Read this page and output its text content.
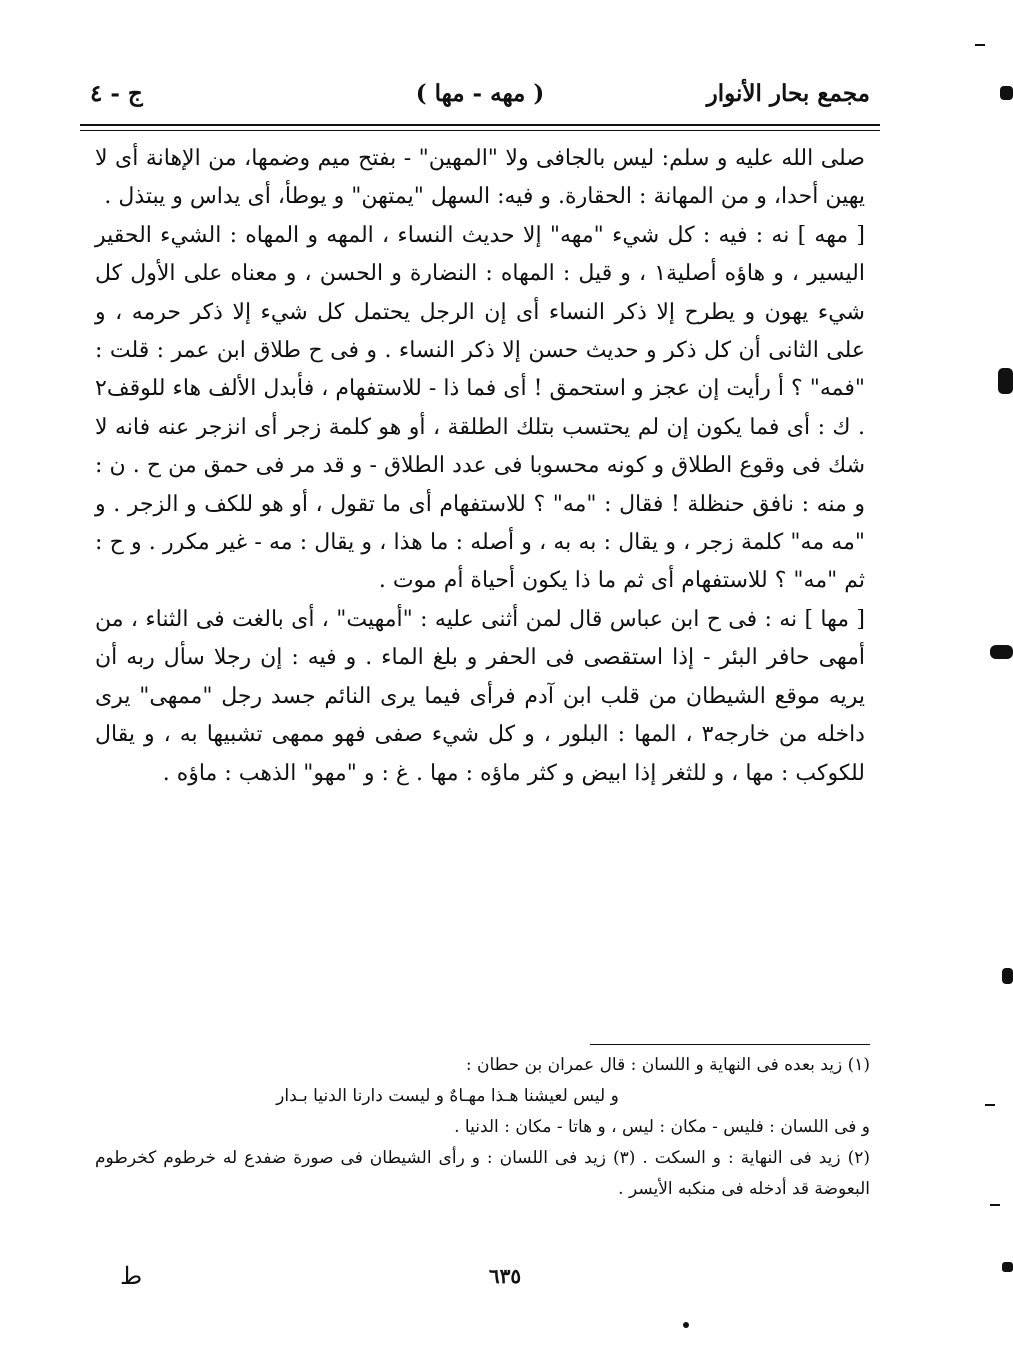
مجمع بحار الأنوار
( مهه - مها )
ج - ٤

صلى الله عليه و سلم: ليس بالجافى ولا "المهين" - بفتح ميم وضمها، من الإهانة أى لا يهين أحدا، و من المهانة : الحقارة. و فيه: السهل "يمتهن" و يوطأ، أى يداس و يبتذل .

[ مهه ] نه : فيه : كل شيء "مهه" إلا حديث النساء ، المهه و المهاه : الشيء الحقير اليسير ، و هاؤه أصلية١ ، و قيل : المهاه : النضارة و الحسن ، و معناه على الأول كل شيء يهون و يطرح إلا ذكر النساء أى إن الرجل يحتمل كل شيء إلا ذكر حرمه ، و على الثانى أن كل ذكر و حديث حسن إلا ذكر النساء . و فى ح طلاق ابن عمر : قلت : "فمه" ؟ أ رأيت إن عجز و استحمق ! أى فما ذا - للاستفهام ، فأبدل الألف هاء للوقف٢ . ك : أى فما يكون إن لم يحتسب بتلك الطلقة ، أو هو كلمة زجر أى انزجر عنه فانه لا شك فى وقوع الطلاق و كونه محسوبا فى عدد الطلاق - و قد مر فى حمق من ح . ن : و منه : نافق حنظلة ! فقال : "مه" ؟ للاستفهام أى ما تقول ، أو هو للكف و الزجر . و "مه مه" كلمة زجر ، و يقال : به به ، و أصله : ما هذا ، و يقال : مه - غير مكرر . و ح : ثم "مه" ؟ للاستفهام أى ثم ما ذا يكون أحياة أم موت .

[ مها ] نه : فى ح ابن عباس قال لمن أثنى عليه : "أمهيت" ، أى بالغت فى الثناء ، من أمهى حافر البئر - إذا استقصى فى الحفر و بلغ الماء . و فيه : إن رجلا سأل ربه أن يريه موقع الشيطان من قلب ابن آدم فرأى فيما يرى النائم جسد رجل "ممهى" يرى داخله من خارجه٣ ، المها : البلور ، و كل شيء صفى فهو ممهى تشبيها به ، و يقال للكوكب : مها ، و للثغر إذا ابيض و كثر ماؤه : مها . غ : و "مهو" الذهب : ماؤه .

(١) زيد بعده فى النهاية و اللسان : قال عمران بن حطان :

و ليس لعيشنا هـذا مهـاهٌ و ليست دارنا الدنيا بـدار

و فى اللسان : فليس - مكان : ليس ، و هاتا - مكان : الدنيا .

(٢) زيد فى النهاية : و السكت . (٣) زيد فى اللسان : و رأى الشيطان فى صورة ضفدع له خرطوم كخرطوم البعوضة قد أدخله فى منكبه الأيسر .

ط	٦٣٥
